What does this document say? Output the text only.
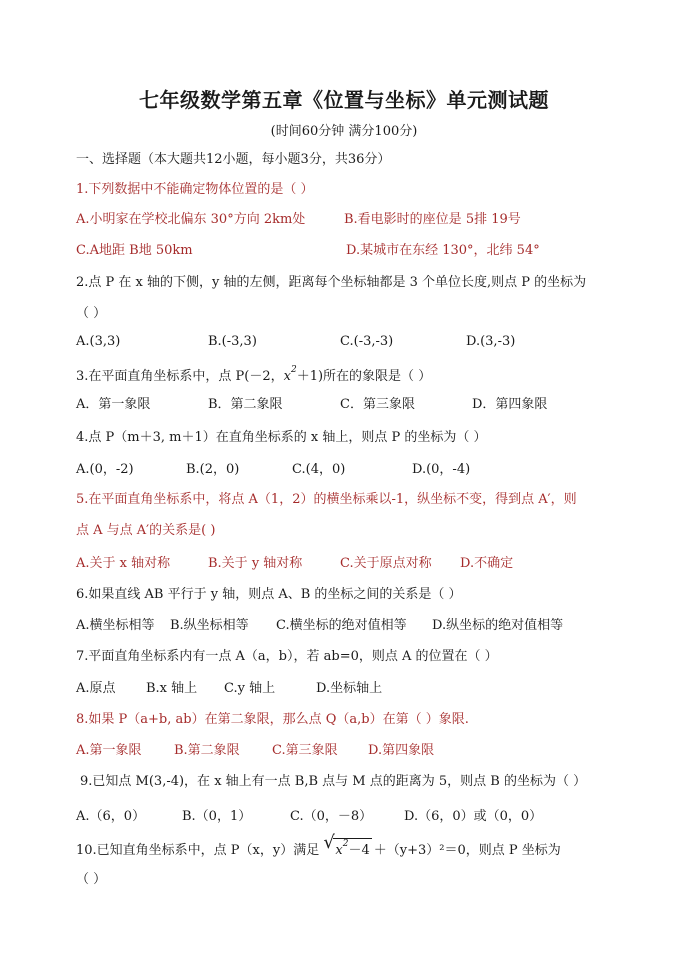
七年级数学第五章《位置与坐标》单元测试题
(时间60分钟 满分100分)
一、选择题（本大题共12小题，每小题3分，共36分）
1.下列数据中不能确定物体位置的是（ ）
A.小明家在学校北偏东 30°方向 2km处	B.看电影时的座位是 5排 19号
C.A地距 B地 50km	D.某城市在东经 130°，北纬 54°
2.点 P 在 x 轴的下侧，y 轴的左侧，距离每个坐标轴都是 3 个单位长度,则点 P 的坐标为
（ ）
A.(3,3)	B.(-3,3)	C.(-3,-3)	D.(3,-3)
3.在平面直角坐标系中，点 P(－2，$x^2+1$)所在的象限是（ ）
A．第一象限	B．第二象限	C．第三象限	D．第四象限
4.点 P（m＋3, m＋1）在直角坐标系的 x 轴上，则点 P 的坐标为（ ）
A.(0，-2)	B.(2，0)	C.(4，0)	D.(0，-4)
5.在平面直角坐标系中，将点 A（1，2）的横坐标乘以-1，纵坐标不变，得到点 A′，则
点 A 与点 A′的关系是( )
A.关于 x 轴对称	B.关于 y 轴对称	C.关于原点对称 D.不确定
6.如果直线 AB 平行于 y 轴，则点 A、B 的坐标之间的关系是（ ）
A.横坐标相等 B.纵坐标相等 C.横坐标的绝对值相等 D.纵坐标的绝对值相等
7.平面直角坐标系内有一点 A（a，b），若 ab=0，则点 A 的位置在（ ）
A.原点 B.x 轴上 C.y 轴上	D.坐标轴上
8.如果 P（a+b, ab）在第二象限，那么点 Q（a,b）在第（ ）象限.
A.第一象限 B.第二象限 C.第三象限 D.第四象限
9.已知点 M(3,-4)，在 x 轴上有一点 B,B 点与 M 点的距离为 5，则点 B 的坐标为（ ）
A.（6，0）	B.（0，1）	C.（0，－8） D.（6，0）或（0，0）
10.已知直角坐标系中，点 P（x，y）满足 √ $x^2-4 +(y+3)^2=0$，则点 P 坐标为
（ ）
